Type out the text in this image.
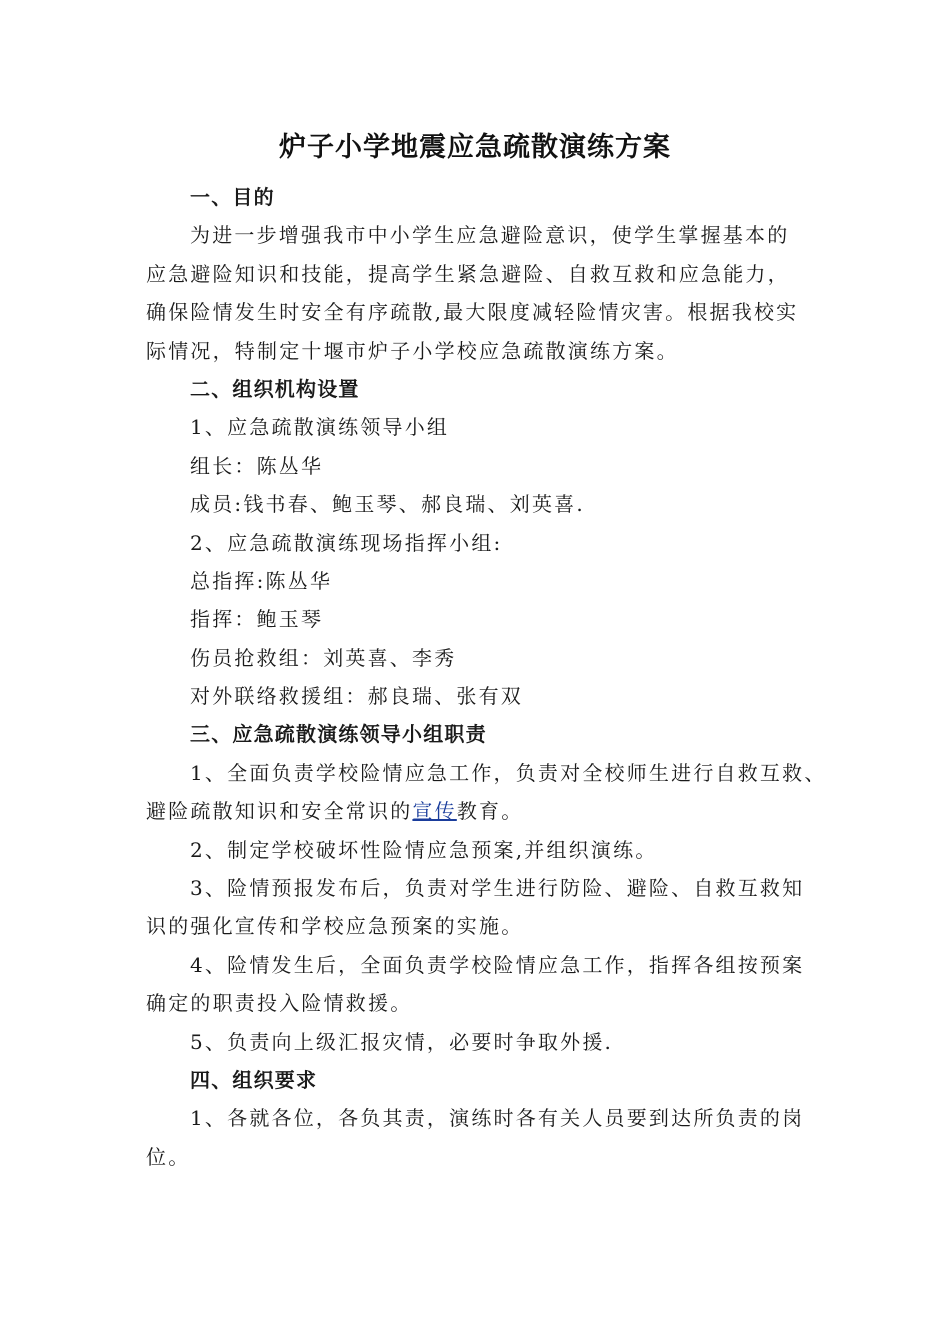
炉子小学地震应急疏散演练方案
一、目的
为进一步增强我市中小学生应急避险意识，使学生掌握基本的
应急避险知识和技能，提高学生紧急避险、自救互救和应急能力，
确保险情发生时安全有序疏散,最大限度减轻险情灾害。根据我校实
际情况，特制定十堰市炉子小学校应急疏散演练方案。
二、组织机构设置
1、应急疏散演练领导小组
组长：陈丛华
成员:钱书春、鲍玉琴、郝良瑞、刘英喜.
2、应急疏散演练现场指挥小组:
总指挥:陈丛华
指挥：鲍玉琴
伤员抢救组：刘英喜、李秀
对外联络救援组：郝良瑞、张有双
三、应急疏散演练领导小组职责
1、全面负责学校险情应急工作，负责对全校师生进行自救互救、
避险疏散知识和安全常识的宣传教育。
2、制定学校破坏性险情应急预案,并组织演练。
3、险情预报发布后，负责对学生进行防险、避险、自救互救知
识的强化宣传和学校应急预案的实施。
4、险情发生后，全面负责学校险情应急工作，指挥各组按预案
确定的职责投入险情救援。
5、负责向上级汇报灾情，必要时争取外援.
四、组织要求
1、各就各位，各负其责，演练时各有关人员要到达所负责的岗
位。
